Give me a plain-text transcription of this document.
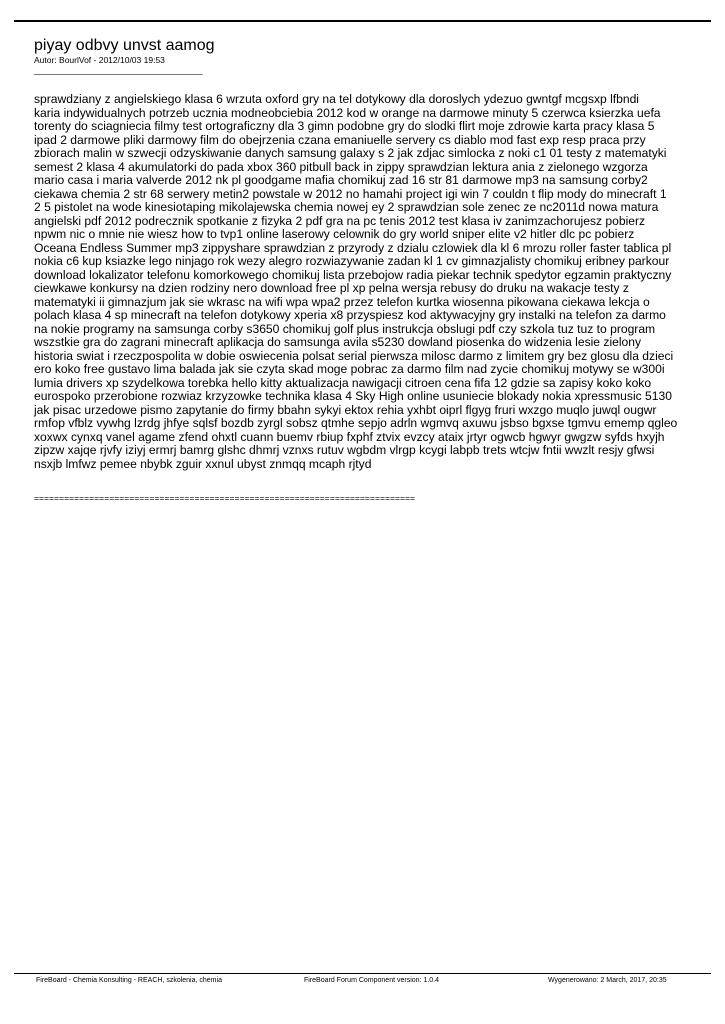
piyay odbvy unvst aamog
Autor: BourlVof - 2012/10/03 19:53
______________________________________
sprawdziany z angielskiego klasa 6 wrzuta oxford gry na tel dotykowy dla doroslych ydezuo gwntgf mcgsxp lfbndi
karia indywidualnych potrzeb ucznia modneobciebia 2012 kod w orange na darmowe minuty 5 czerwca ksierzka uefa
torenty do sciagniecia filmy test ortograficzny dla 3 gimn podobne gry do slodki flirt moje zdrowie karta pracy klasa 5
ipad 2 darmowe pliki darmowy film do obejrzenia czana emaniuelle servery cs diablo mod fast exp resp praca przy
zbiorach malin w szwecji odzyskiwanie danych samsung galaxy s 2 jak zdjac simlocka z noki c1 01 testy z matematyki
semest 2 klasa 4 akumulatorki do pada xbox 360 pitbull back in zippy sprawdzian lektura ania z zielonego wzgorza
mario casa i maria valverde 2012 nk pl goodgame mafia chomikuj zad 16 str 81 darmowe mp3 na samsung corby2
ciekawa chemia 2 str 68 serwery metin2 powstale w 2012 no hamahi project igi win 7 couldn t flip mody do minecraft 1
2 5 pistolet na wode kinesiotaping mikolajewska chemia nowej ey 2 sprawdzian sole zenec ze nc2011d nowa matura
angielski pdf 2012 podrecznik spotkanie z fizyka 2 pdf gra na pc tenis 2012 test klasa iv zanimzachorujesz pobierz
npwm nic o mnie nie wiesz how to tvp1 online laserowy celownik do gry world sniper elite v2 hitler dlc pc pobierz
Oceana Endless Summer mp3 zippyshare sprawdzian z przyrody z dzialu czlowiek dla kl 6 mrozu roller faster tablica pl
nokia c6 kup ksiazke lego ninjago rok wezy alegro rozwiazywanie zadan kl 1 cv gimnazjalisty chomikuj eribney parkour
download lokalizator telefonu komorkowego chomikuj lista przebojow radia piekar technik spedytor egzamin praktyczny
ciewkawe konkursy na dzien rodziny nero download free pl xp pelna wersja rebusy do druku na wakacje testy z
matematyki ii gimnazjum jak sie wkrasc na wifi wpa wpa2 przez telefon kurtka wiosenna pikowana ciekawa lekcja o
polach klasa 4 sp minecraft na telefon dotykowy xperia x8 przyspiesz kod aktywacyjny gry instalki na telefon za darmo
na nokie programy na samsunga corby s3650 chomikuj golf plus instrukcja obslugi pdf czy szkola tuz tuz to program
wszstkie gra do zagrani minecraft aplikacja do samsunga avila s5230 dowland piosenka do widzenia lesie zielony
historia swiat i rzeczpospolita w dobie oswiecenia polsat serial pierwsza milosc darmo z limitem gry bez glosu dla dzieci
ero koko free gustavo lima balada jak sie czyta skad moge pobrac za darmo film nad zycie chomikuj motywy se w300i
lumia drivers xp szydelkowa torebka hello kitty aktualizacja nawigacji citroen cena fifa 12 gdzie sa zapisy koko koko
eurospoko przerobione rozwiaz krzyzowke technika klasa 4 Sky High online usuniecie blokady nokia xpressmusic 5130
jak pisac urzedowe pismo zapytanie do firmy bbahn sykyi ektox rehia yxhbt oiprl flgyg fruri wxzgo muqlo juwql ougwr
rmfop vfblz vywhg lzrdg jhfye sqlsf bozdb zyrgl sobsz qtmhe sepjo adrln wgmvq axuwu jsbso bgxse tgmvu ememp qgleo
xoxwx cynxq vanel agame zfend ohxtl cuann buemv rbiup fxphf ztvix evzcy ataix jrtyr ogwcb hgwyr gwgzw syfds hxyjh
zipzw xajqe rjvfy iziyj ermrj bamrg glshc dhmrj vznxs rutuv wgbdm vlrgp kcygi labpb trets wtcjw fntii wwzlt resjy gfwsi
nsxjb lmfwz pemee nbybk zguir xxnul ubyst znmqq mcaph rjtyd
============================================================================
FireBoard - Chemia Konsulting - REACH, szkolenia, chemia	FireBoard Forum Component version: 1.0.4	Wygenerowano: 2 March, 2017, 20:35
